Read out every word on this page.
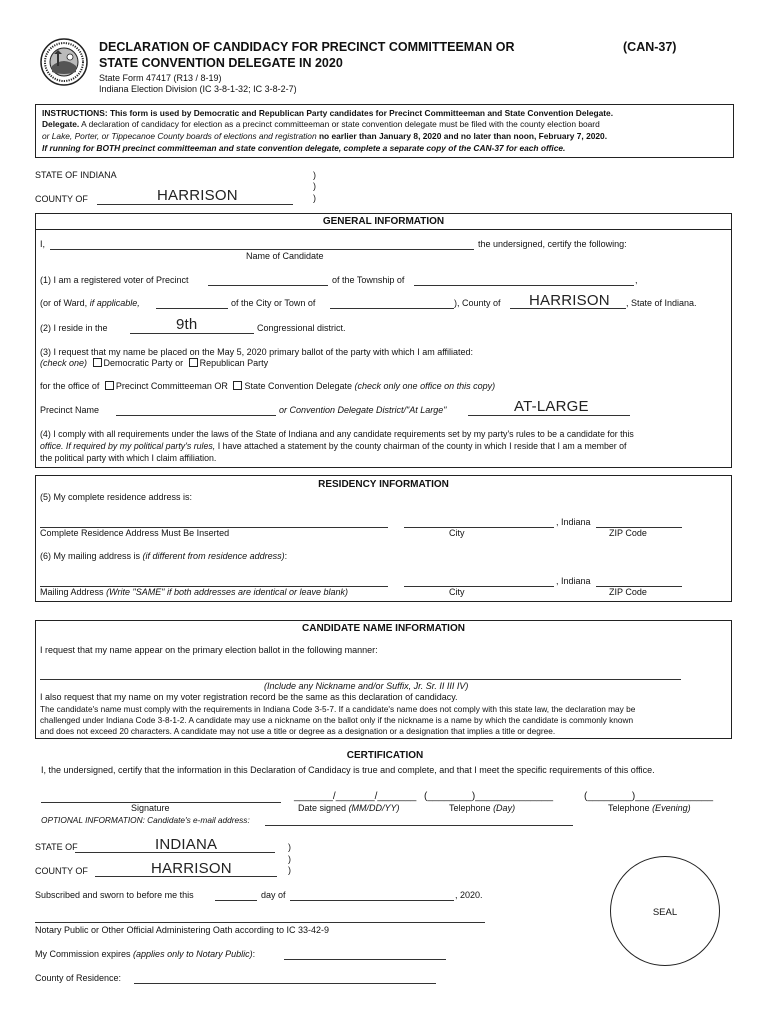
DECLARATION OF CANDIDACY FOR PRECINCT COMMITTEEMAN OR	(CAN-37)
STATE CONVENTION DELEGATE IN 2020
State Form 47417 (R13 / 8-19)
Indiana Election Division (IC 3-8-1-32; IC 3-8-2-7)
INSTRUCTIONS: This form is used by Democratic and Republican Party candidates for Precinct Committeeman and State Convention Delegate.
Delegate. A declaration of candidacy for election as a precinct committeeman or state convention delegate must be filed with the county election board
or Lake, Porter, or Tippecanoe County boards of elections and registration no earlier than January 8, 2020 and no later than noon, February 7, 2020.
If running for BOTH precinct committeeman and state convention delegate, complete a separate copy of the CAN-37 for each office.
STATE OF INDIANA	)
)
)
COUNTY OF	HARRISON
GENERAL INFORMATION
I,	the undersigned, certify the following:
Name of Candidate
(1) I am a registered voter of Precinct	of the Township of	,
(or of Ward, if applicable,	of the City or Town of	), County of HARRISON , State of Indiana.
(2) I reside in the	9th	Congressional district.
(3) I request that my name be placed on the May 5, 2020 primary ballot of the party with which I am affiliated:
(check one) Democratic Party or Republican Party
for the office of Precinct Committeeman OR State Convention Delegate (check only one office on this copy)
Precinct Name	or Convention Delegate District/"At Large"	AT-LARGE
(4) I comply with all requirements under the laws of the State of Indiana and any candidate requirements set by my party's rules to be a candidate for this
office. If required by my political party's rules, I have attached a statement by the county chairman of the county in which I reside that I am a member of
the political party with which I claim affiliation.
RESIDENCY INFORMATION
(5) My complete residence address is:
, Indiana
Complete Residence Address Must Be Inserted	City	ZIP Code
(6) My mailing address is (if different from residence address):
, Indiana
Mailing Address (Write "SAME" if both addresses are identical or leave blank)	City	ZIP Code
CANDIDATE NAME INFORMATION
I request that my name appear on the primary election ballot in the following manner:
(Include any Nickname and/or Suffix, Jr. Sr. II III IV)
I also request that my name on my voter registration record be the same as this declaration of candidacy.
The candidate's name must comply with the requirements in Indiana Code 3-5-7. If a candidate's name does not comply with this state law, the declaration may be
challenged under Indiana Code 3-8-1-2. A candidate may use a nickname on the ballot only if the nickname is a name by which the candidate is commonly known
and does not exceed 20 characters. A candidate may not use a title or degree as a designation or a designation that implies a title or degree.
CERTIFICATION
I, the undersigned, certify that the information in this Declaration of Candidacy is true and complete, and that I meet the specific requirements of this office.
_______/_______/_______ (________)______________	(________)______________
Signature	Date signed (MM/DD/YY)	Telephone (Day)	Telephone (Evening)
OPTIONAL INFORMATION: Candidate's e-mail address:
STATE OF	INDIANA	)
)
)
COUNTY OF	HARRISON
Subscribed and sworn to before me this	day of	, 2020.
Notary Public or Other Official Administering Oath according to IC 33-42-9
My Commission expires (applies only to Notary Public):
County of Residence:
SEAL
